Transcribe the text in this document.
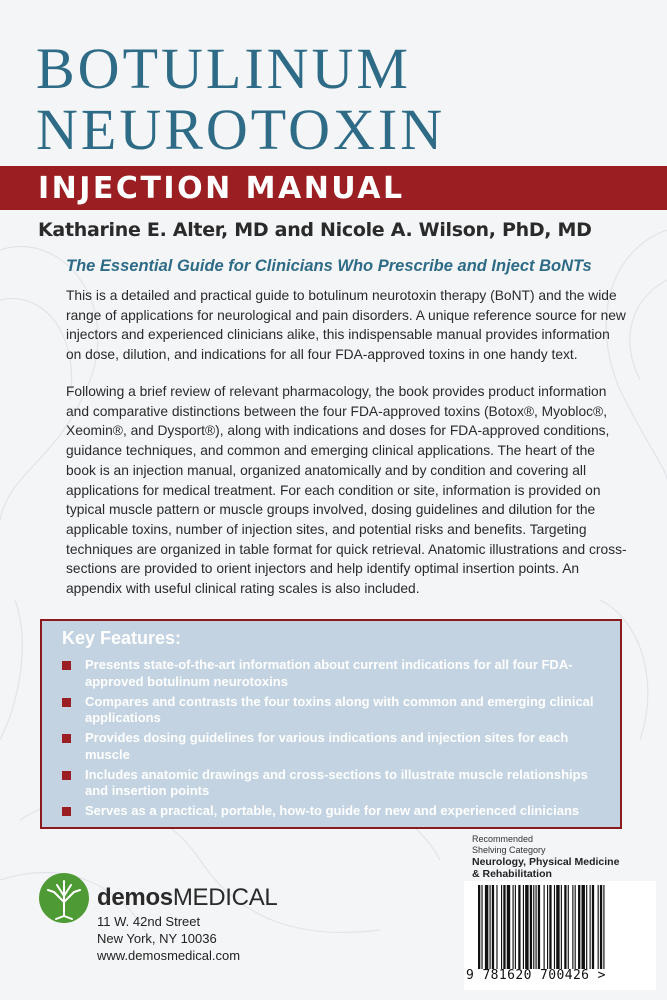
BOTULINUM
NEUROTOXIN
INJECTION MANUAL
Katharine E. Alter, MD and Nicole A. Wilson, PhD, MD
The Essential Guide for Clinicians Who Prescribe and Inject BoNTs

This is a detailed and practical guide to botulinum neurotoxin therapy (BoNT) and the wide range of applications for neurological and pain disorders. A unique reference source for new injectors and experienced clinicians alike, this indispensable manual provides information on dose, dilution, and indications for all four FDA-approved toxins in one handy text.

Following a brief review of relevant pharmacology, the book provides product information and comparative distinctions between the four FDA-approved toxins (Botox®, Myobloc®, Xeomin®, and Dysport®), along with indications and doses for FDA-approved conditions, guidance techniques, and common and emerging clinical applications. The heart of the book is an injection manual, organized anatomically and by condition and covering all applications for medical treatment. For each condition or site, information is provided on typical muscle pattern or muscle groups involved, dosing guidelines and dilution for the applicable toxins, number of injection sites, and potential risks and benefits. Targeting techniques are organized in table format for quick retrieval. Anatomic illustrations and cross-sections are provided to orient injectors and help identify optimal insertion points. An appendix with useful clinical rating scales is also included.

Key Features:
Presents state-of-the-art information about current indications for all four FDA-approved botulinum neurotoxins
Compares and contrasts the four toxins along with common and emerging clinical applications
Provides dosing guidelines for various indications and injection sites for each muscle
Includes anatomic drawings and cross-sections to illustrate muscle relationships and insertion points
Serves as a practical, portable, how-to guide for new and experienced clinicians
Recommended
Shelving Category
Neurology, Physical Medicine
& Rehabilitation
9 781620 700426 >
demosMEDICAL
11 W. 42nd Street
New York, NY 10036
www.demosmedical.com
